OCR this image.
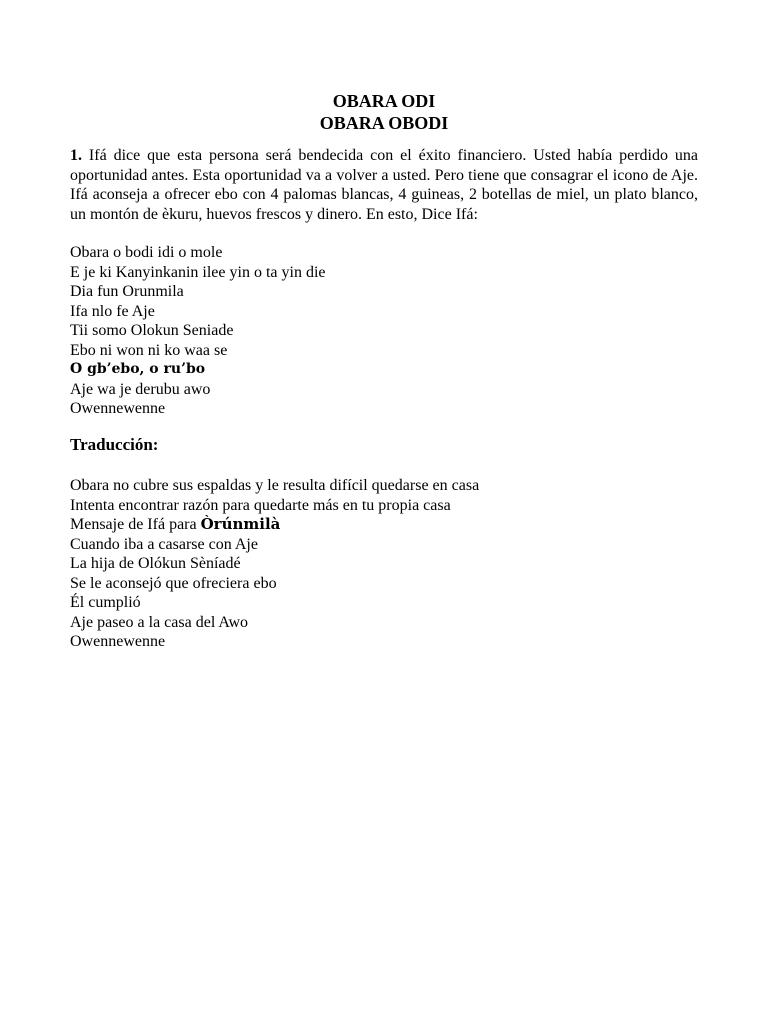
OBARA ODI
OBARA OBODI

1. Ifá dice que esta persona será bendecida con el éxito financiero. Usted había perdido una oportunidad antes. Esta oportunidad va a volver a usted. Pero tiene que consagrar el icono de Aje. Ifá aconseja a ofrecer ebo con 4 palomas blancas, 4 guineas, 2 botellas de miel, un plato blanco, un montón de èkuru, huevos frescos y dinero. En esto, Dice Ifá:

Obara o bodi idi o mole
E je ki Kanyinkanin ilee yin o ta yin die
Dia fun Orunmila
Ifa nlo fe Aje
Tii somo Olokun Seniade
Ebo ni won ni ko waa se
O gb’ebo, o ru’bo
Aje wa je derubu awo
Owennewenne
Traducción:
Obara no cubre sus espaldas y le resulta difícil quedarse en casa
Intenta encontrar razón para quedarte más en tu propia casa
Mensaje de Ifá para Òrúnmilà
Cuando iba a casarse con Aje
La hija de Olókun Sèníadé
Se le aconsejó que ofreciera ebo
Él cumplió
Aje paseo a la casa del Awo
Owennewenne
